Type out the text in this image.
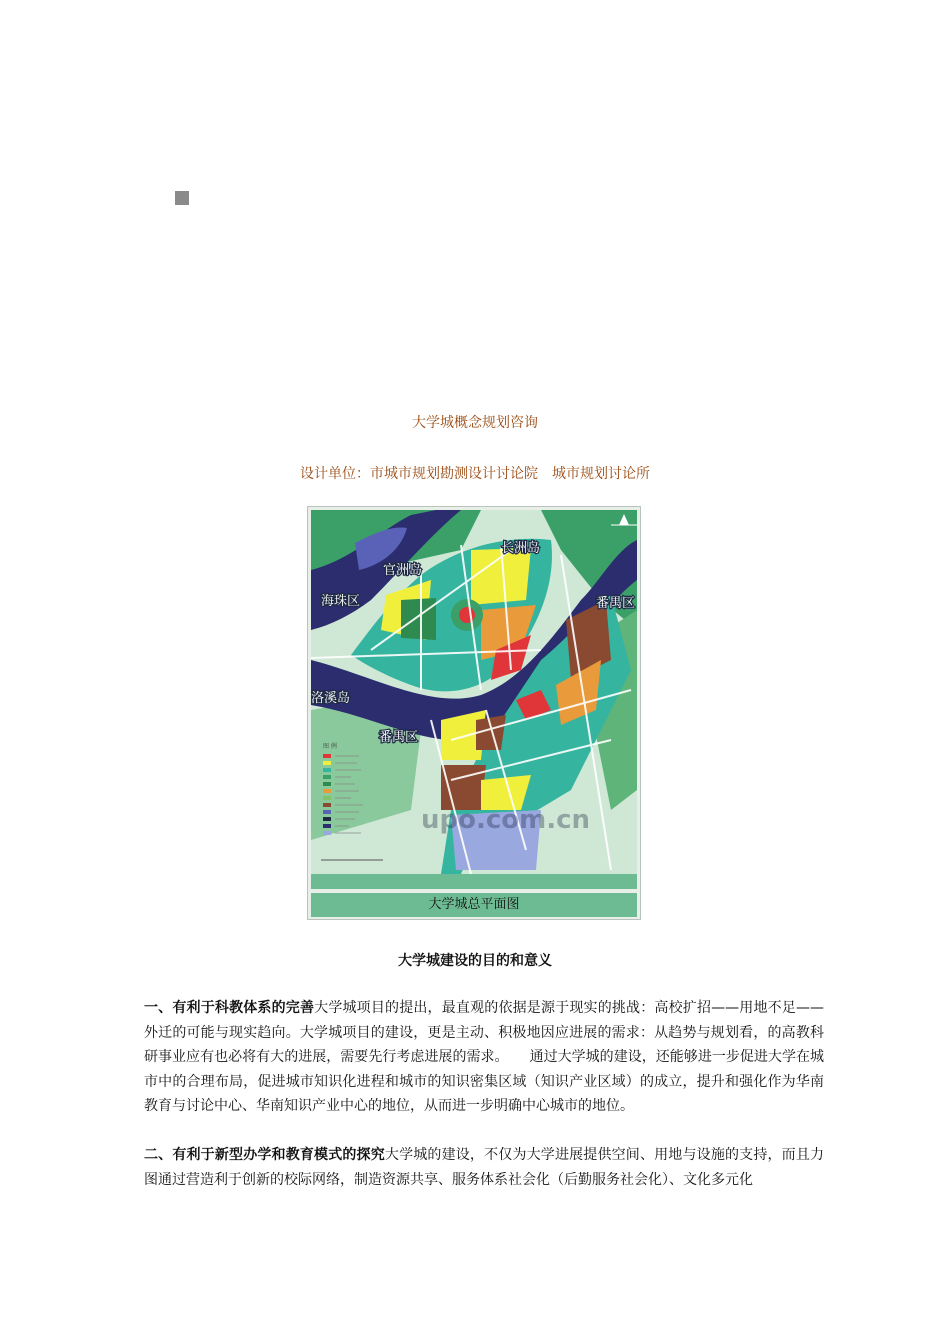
大学城概念规划咨询
设计单位：市城市规划勘测设计讨论院　城市规划讨论所
长洲岛
官洲岛
海珠区	番禺区
洛溪岛
番禺区
图 例
upo.com.cn
大学城总平面图
大学城建设的目的和意义
一、有利于科教体系的完善大学城项目的提出，最直观的依据是源于现实的挑战：高校扩招——用地不足——外迁的可能与现实趋向。大学城项目的建设，更是主动、积极地因应进展的需求：从趋势与规划看，的高教科研事业应有也必将有大的进展，需要先行考虑进展的需求。　　通过大学城的建设，还能够进一步促进大学在城市中的合理布局，促进城市知识化进程和城市的知识密集区域（知识产业区域）的成立，提升和强化作为华南教育与讨论中心、华南知识产业中心的地位，从而进一步明确中心城市的地位。
二、有利于新型办学和教育模式的探究大学城的建设，不仅为大学进展提供空间、用地与设施的支持，而且力图通过营造利于创新的校际网络，制造资源共享、服务体系社会化（后勤服务社会化）、文化多元化
